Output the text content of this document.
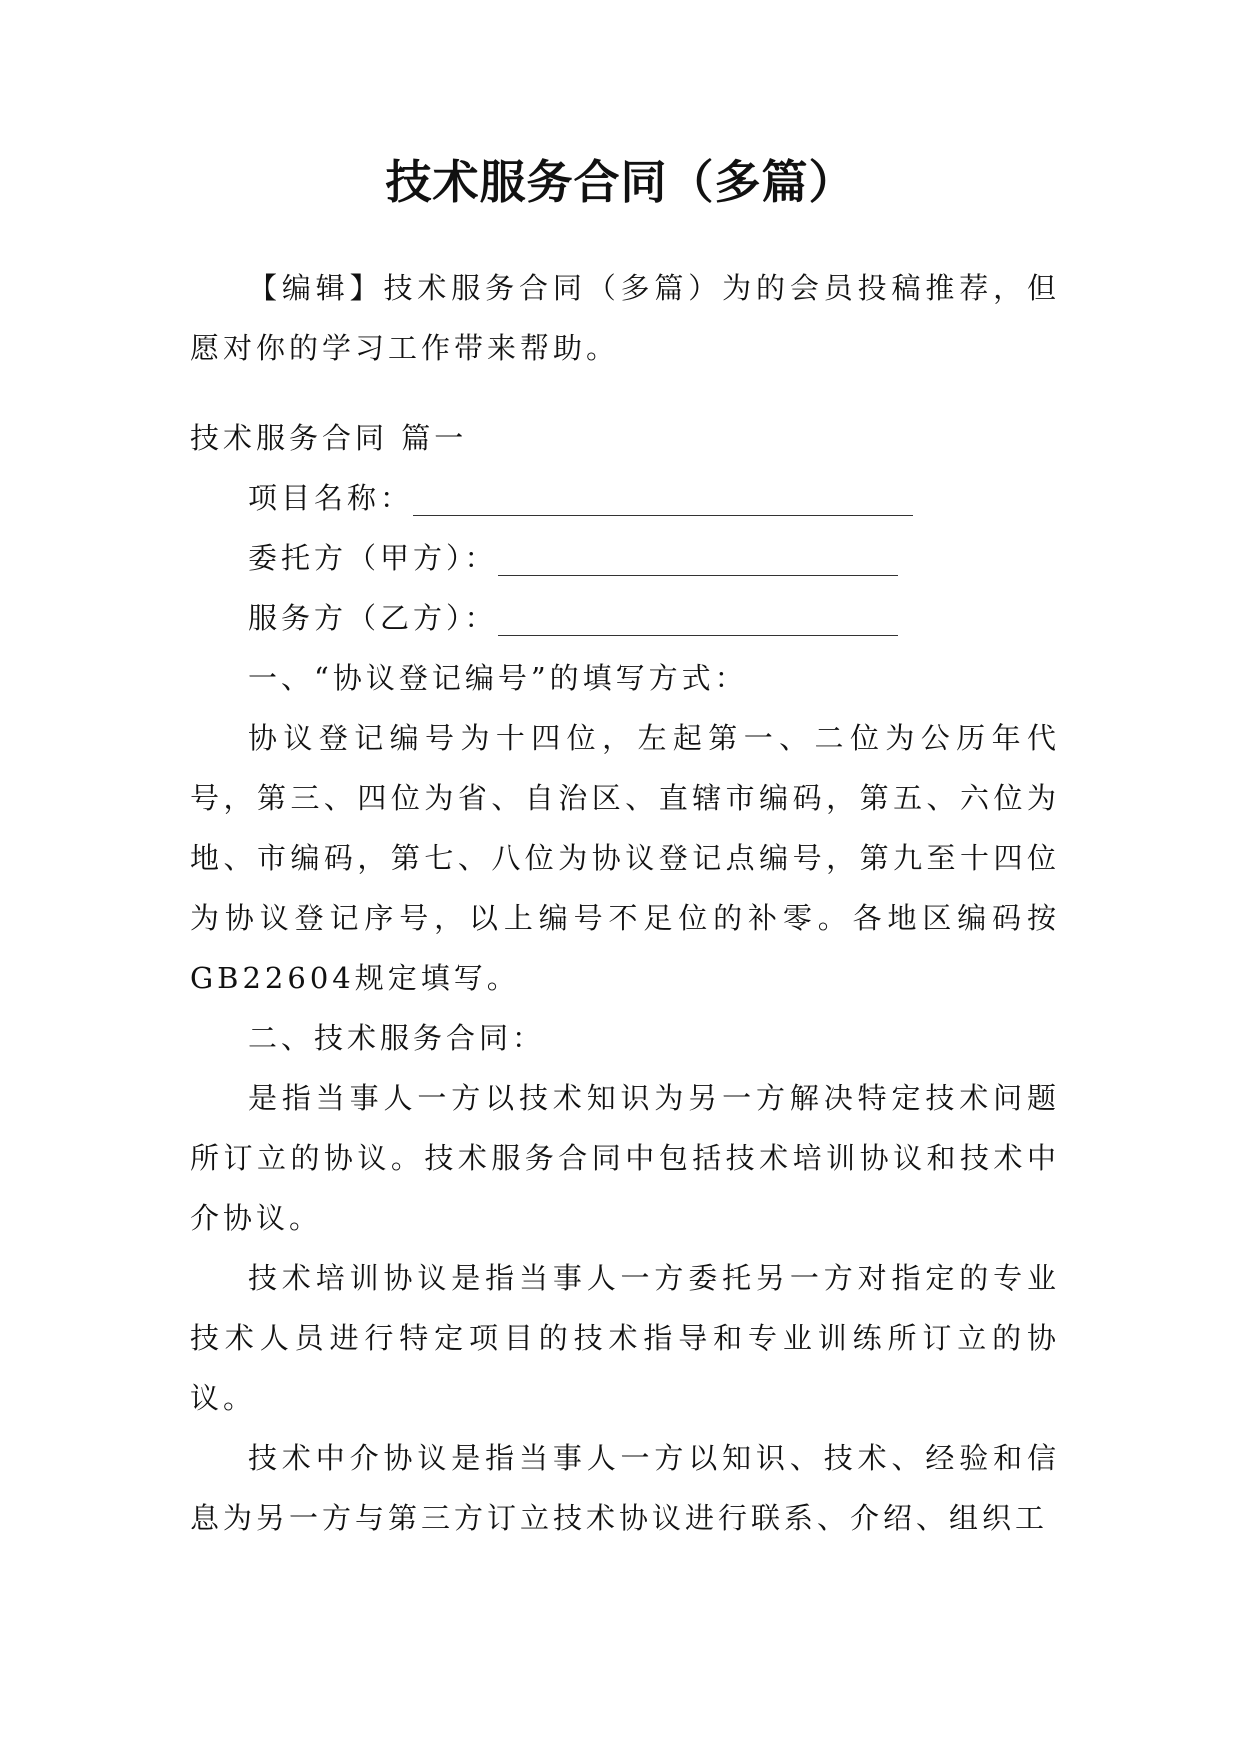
技术服务合同（多篇）

【编辑】技术服务合同（多篇）为的会员投稿推荐，但愿对你的学习工作带来帮助。

技术服务合同 篇一

项目名称：

委托方（甲方）：

服务方（乙方）：

一、“协议登记编号”的填写方式：

协议登记编号为十四位，左起第一、二位为公历年代号，第三、四位为省、自治区、直辖市编码，第五、六位为地、市编码，第七、八位为协议登记点编号，第九至十四位为协议登记序号，以上编号不足位的补零。各地区编码按GB22604规定填写。

二、技术服务合同：

是指当事人一方以技术知识为另一方解决特定技术问题所订立的协议。技术服务合同中包括技术培训协议和技术中介协议。

技术培训协议是指当事人一方委托另一方对指定的专业技术人员进行特定项目的技术指导和专业训练所订立的协议。

技术中介协议是指当事人一方以知识、技术、经验和信息为另一方与第三方订立技术协议进行联系、介绍、组织工
